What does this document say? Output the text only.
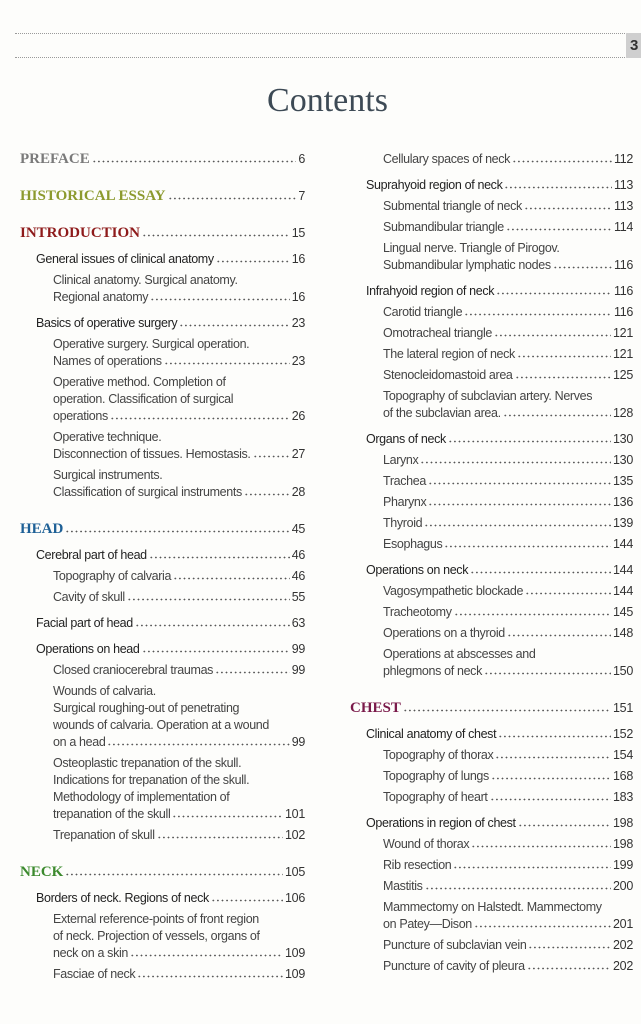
3
Contents
PREFACE	6
HISTORICAL ESSAY	7
INTRODUCTION	15
General issues of clinical anatomy	16
Clinical anatomy. Surgical anatomy.
Regional anatomy	16
Basics of operative surgery	23
Operative surgery. Surgical operation.
Names of operations	23
Operative method. Completion of
operation. Classification of surgical
operations	26
Operative technique.
Disconnection of tissues. Hemostasis.	27
Surgical instruments.
Classification of surgical instruments	28
HEAD	45
Cerebral part of head	46
Topography of calvaria	46
Cavity of skull	55
Facial part of head	63
Operations on head	99
Closed craniocerebral traumas	99
Wounds of calvaria.
Surgical roughing-out of penetrating
wounds of calvaria. Operation at a wound
on a head	99
Osteoplastic trepanation of the skull.
Indications for trepanation of the skull.
Methodology of implementation of
trepanation of the skull	101
Trepanation of skull	102
NECK	105
Borders of neck. Regions of neck	106
External reference-points of front region
of neck. Projection of vessels, organs of
neck on a skin	109
Fasciae of neck	109
Cellulary spaces of neck	112
Suprahyoid region of neck	113
Submental triangle of neck	113
Submandibular triangle	114
Lingual nerve. Triangle of Pirogov.
Submandibular lymphatic nodes	116
Infrahyoid region of neck	116
Carotid triangle	116
Omotracheal triangle	121
The lateral region of neck	121
Stenocleidomastoid area	125
Topography of subclavian artery. Nerves
of the subclavian area.	128
Organs of neck	130
Larynx	130
Trachea	135
Pharynx	136
Thyroid	139
Esophagus	144
Operations on neck	144
Vagosympathetic blockade	144
Tracheotomy	145
Operations on a thyroid	148
Operations at abscesses and
phlegmons of neck	150
CHEST	151
Clinical anatomy of chest	152
Topography of thorax	154
Topography of lungs	168
Topography of heart	183
Operations in region of chest	198
Wound of thorax	198
Rib resection	199
Mastitis	200
Mammectomy on Halstedt. Mammectomy
on Patey—Dison	201
Puncture of subclavian vein	202
Puncture of cavity of pleura	202
